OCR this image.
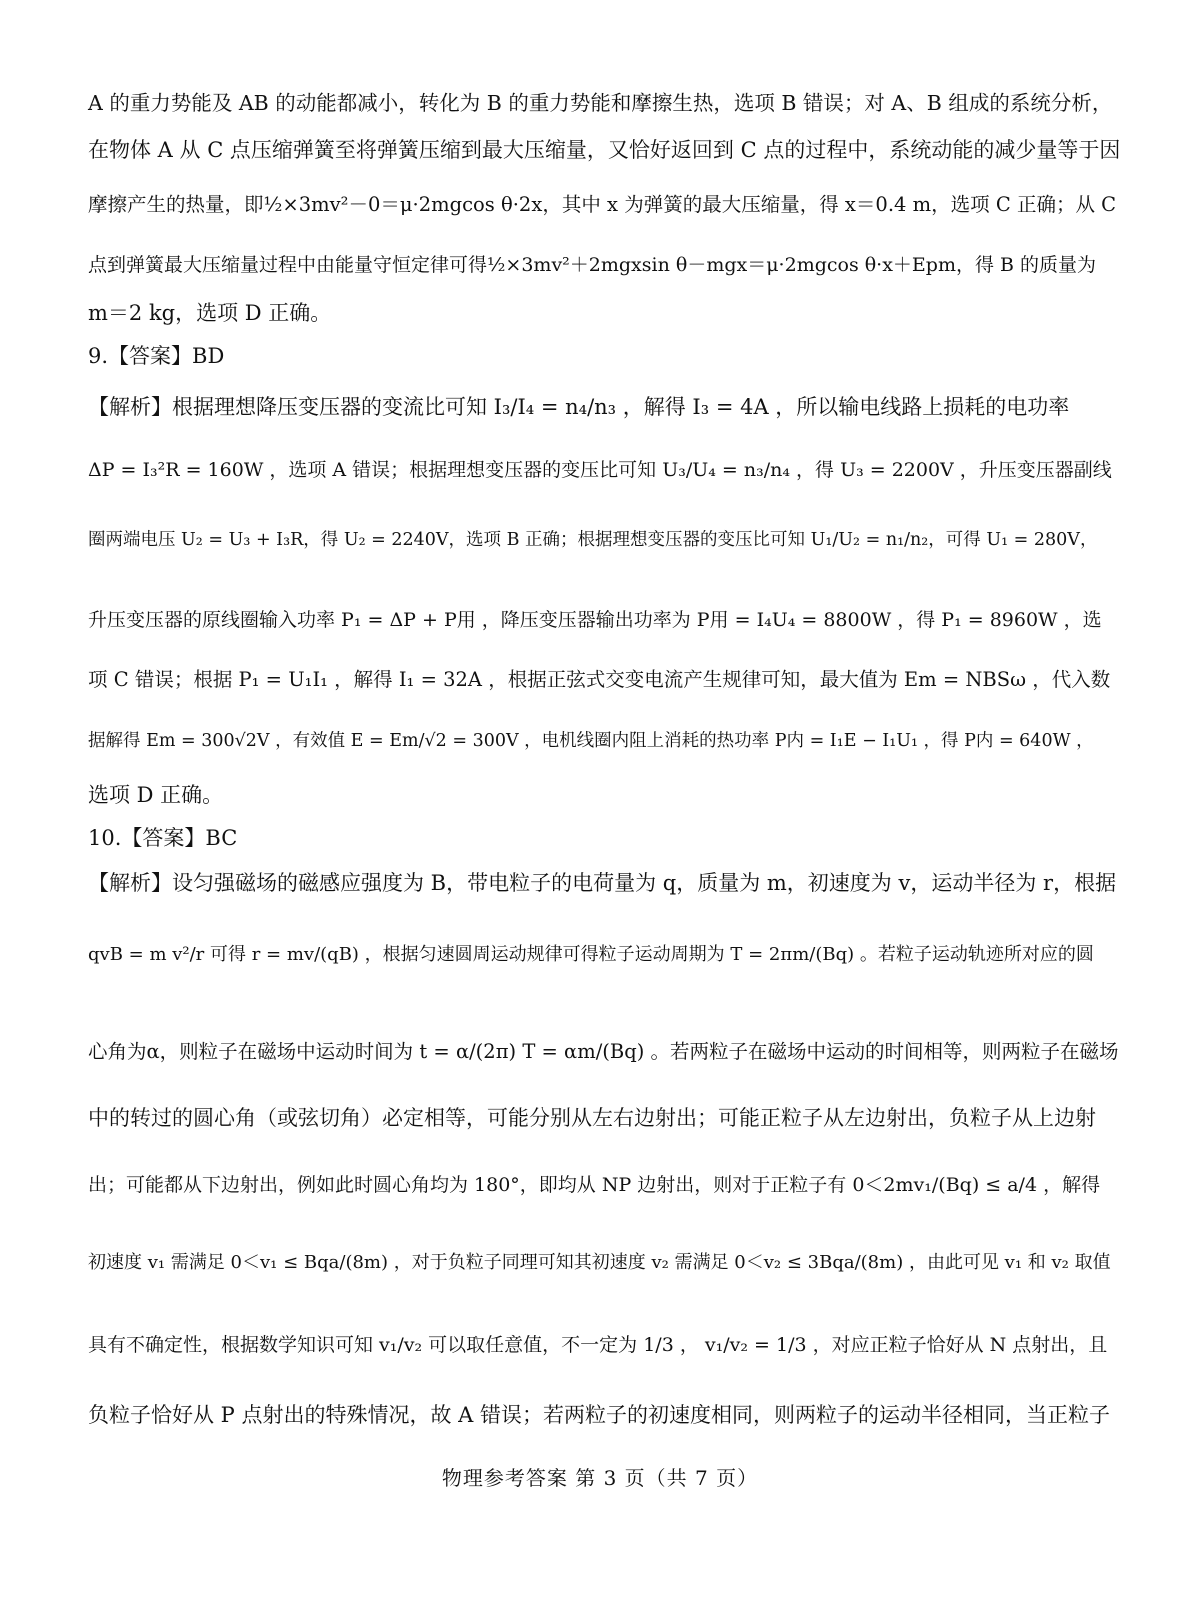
A 的重力势能及 AB 的动能都减小，转化为 B 的重力势能和摩擦生热，选项 B 错误；对 A、B 组成的系统分析，
在物体 A 从 C 点压缩弹簧至将弹簧压缩到最大压缩量，又恰好返回到 C 点的过程中，系统动能的减少量等于因
摩擦产生的热量，即½×3mv²－0＝μ·2mgcos θ·2x，其中 x 为弹簧的最大压缩量，得 x＝0.4 m，选项 C 正确；从 C
点到弹簧最大压缩量过程中由能量守恒定律可得½×3mv²＋2mgxsin θ－mgx＝μ·2mgcos θ·x＋Epm，得 B 的质量为
m＝2 kg，选项 D 正确。
9.【答案】BD
【解析】根据理想降压变压器的变流比可知 I₃/I₄ = n₄/n₃ ，解得 I₃ = 4A ，所以输电线路上损耗的电功率
ΔP = I₃²R = 160W ，选项 A 错误；根据理想变压器的变压比可知 U₃/U₄ = n₃/n₄ ，得 U₃ = 2200V ，升压变压器副线
圈两端电压 U₂ = U₃ + I₃R，得 U₂ = 2240V，选项 B 正确；根据理想变压器的变压比可知 U₁/U₂ = n₁/n₂，可得 U₁ = 280V，
升压变压器的原线圈输入功率 P₁ = ΔP + P用 ，降压变压器输出功率为 P用 = I₄U₄ = 8800W ，得 P₁ = 8960W ，选
项 C 错误；根据 P₁ = U₁I₁ ，解得 I₁ = 32A ，根据正弦式交变电流产生规律可知，最大值为 Em = NBSω ，代入数
据解得 Em = 300√2V ，有效值 E = Em/√2 = 300V ，电机线圈内阻上消耗的热功率 P内 = I₁E − I₁U₁ ，得 P内 = 640W ，
选项 D 正确。
10.【答案】BC
【解析】设匀强磁场的磁感应强度为 B，带电粒子的电荷量为 q，质量为 m，初速度为 v，运动半径为 r，根据
qvB = m v²/r 可得 r = mv/(qB) ，根据匀速圆周运动规律可得粒子运动周期为 T = 2πm/(Bq) 。若粒子运动轨迹所对应的圆
心角为α，则粒子在磁场中运动时间为 t = α/(2π) T = αm/(Bq) 。若两粒子在磁场中运动的时间相等，则两粒子在磁场
中的转过的圆心角（或弦切角）必定相等，可能分别从左右边射出；可能正粒子从左边射出，负粒子从上边射
出；可能都从下边射出，例如此时圆心角均为 180°，即均从 NP 边射出，则对于正粒子有 0＜2mv₁/(Bq) ≤ a/4 ，解得
初速度 v₁ 需满足 0＜v₁ ≤ Bqa/(8m) ，对于负粒子同理可知其初速度 v₂ 需满足 0＜v₂ ≤ 3Bqa/(8m) ，由此可见 v₁ 和 v₂ 取值
具有不确定性，根据数学知识可知 v₁/v₂ 可以取任意值，不一定为 1/3 ， v₁/v₂ = 1/3 ，对应正粒子恰好从 N 点射出，且
负粒子恰好从 P 点射出的特殊情况，故 A 错误；若两粒子的初速度相同，则两粒子的运动半径相同，当正粒子
物理参考答案 第 3 页（共 7 页）
